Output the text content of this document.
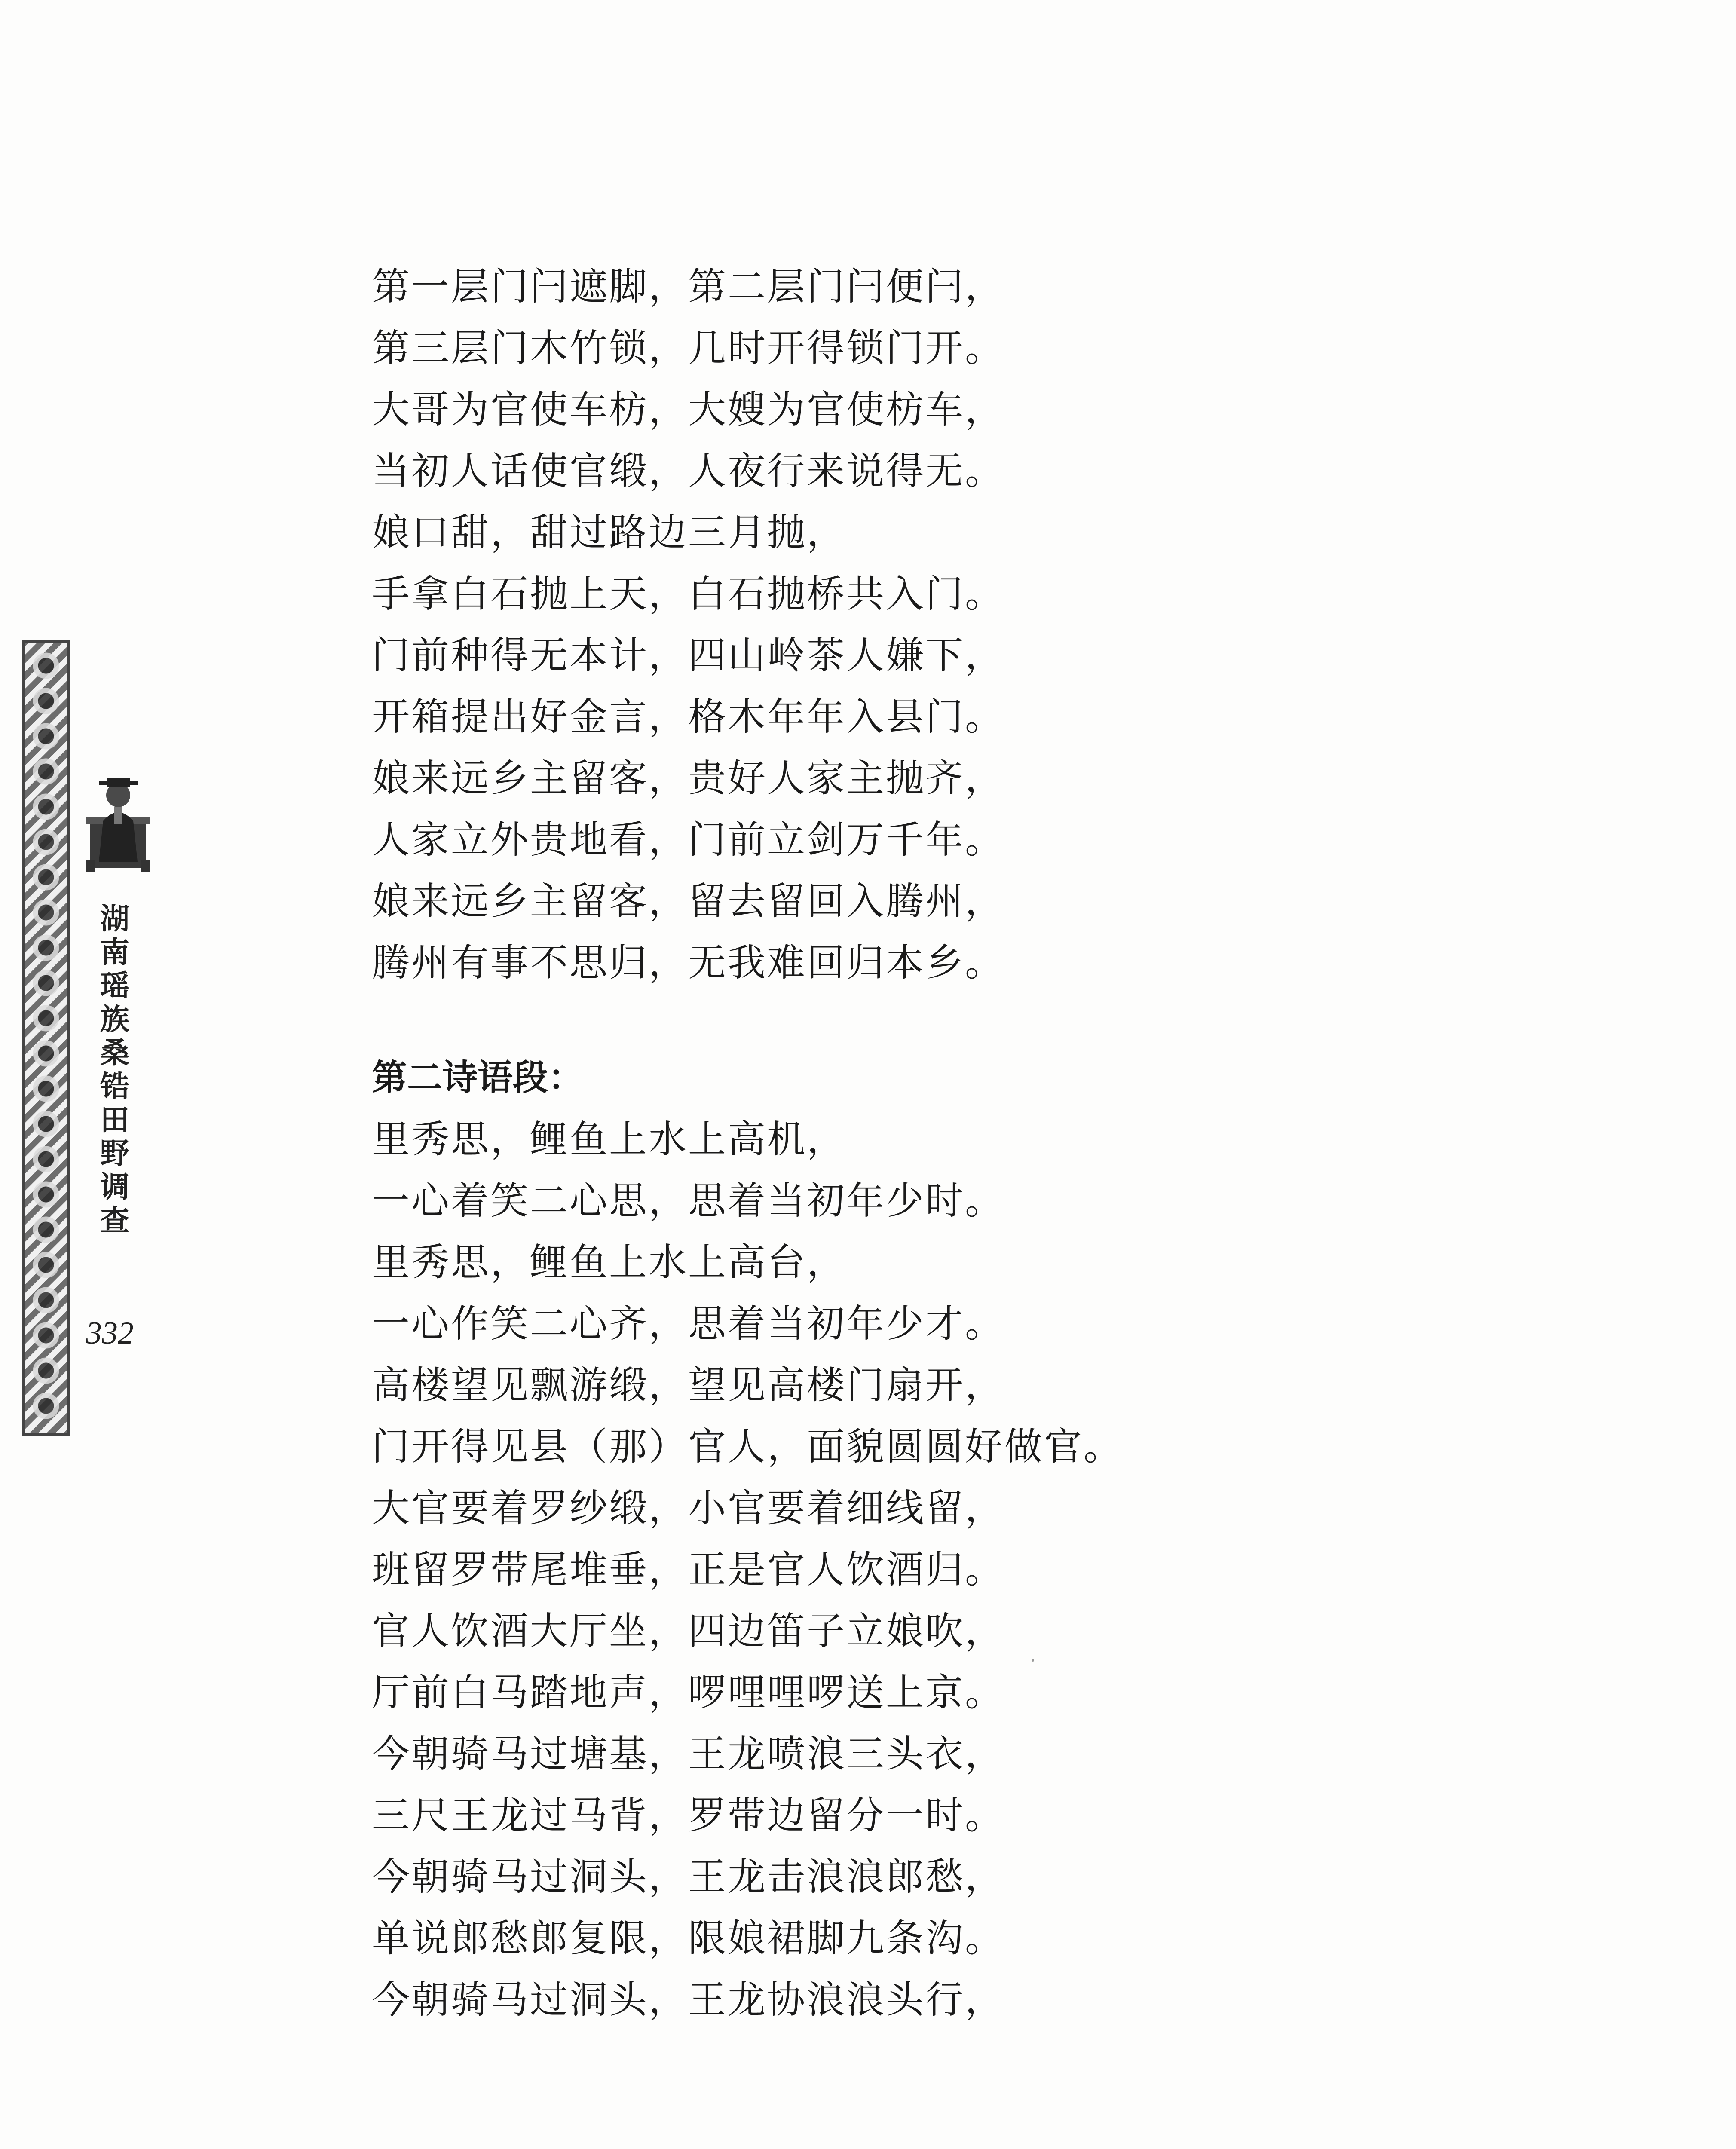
湖南瑶族桑锆田野调查
332
第一层门闩遮脚，第二层门闩便闩，
第三层门木竹锁，几时开得锁门开。
大哥为官使车枋，大嫂为官使枋车，
当初人话使官缎，人夜行来说得无。
娘口甜，甜过路边三月抛，
手拿白石抛上天，白石抛桥共入门。
门前种得无本计，四山岭茶人嫌下，
开箱提出好金言，格木年年入县门。
娘来远乡主留客，贵好人家主抛齐，
人家立外贵地看，门前立剑万千年。
娘来远乡主留客，留去留回入腾州，
腾州有事不思归，无我难回归本乡。
第二诗语段：
里秀思，鲤鱼上水上高机，
一心着笑二心思，思着当初年少时。
里秀思，鲤鱼上水上高台，
一心作笑二心齐，思着当初年少才。
高楼望见飘游缎，望见高楼门扇开，
门开得见县（那）官人，面貌圆圆好做官。
大官要着罗纱缎，小官要着细线留，
班留罗带尾堆垂，正是官人饮酒归。
官人饮酒大厅坐，四边笛子立娘吹，
厅前白马踏地声，啰哩哩啰送上京。
今朝骑马过塘基，王龙喷浪三头衣，
三尺王龙过马背，罗带边留分一时。
今朝骑马过洞头，王龙击浪浪郎愁，
单说郎愁郎复限，限娘裙脚九条沟。
今朝骑马过洞头，王龙协浪浪头行，
